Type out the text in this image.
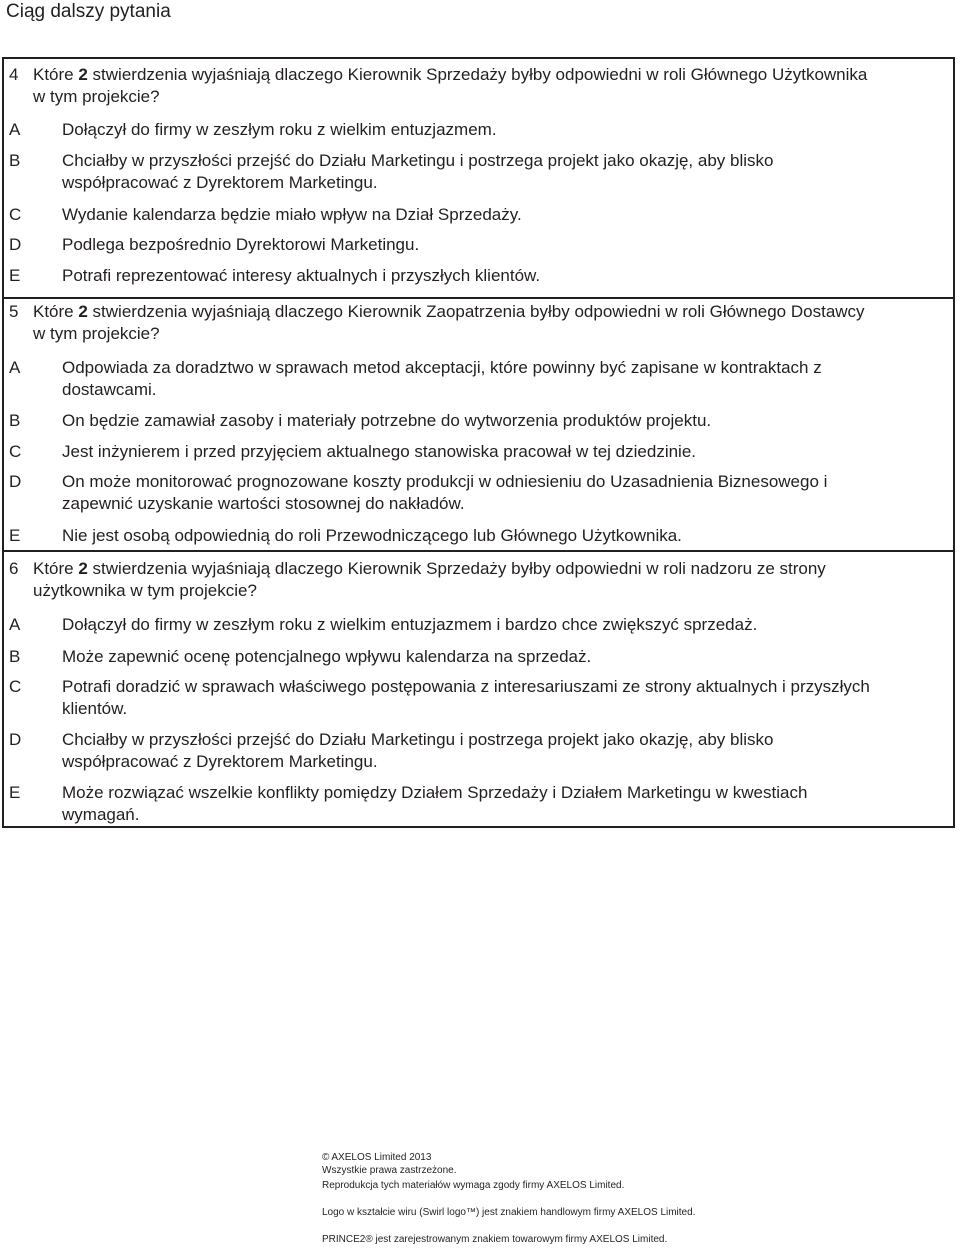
Ciąg dalszy pytania
4 Które 2 stwierdzenia wyjaśniają dlaczego Kierownik Sprzedaży byłby odpowiedni w roli Głównego Użytkownika
w tym projekcie?
A Dołączył do firmy w zeszłym roku z wielkim entuzjazmem.
B Chciałby w przyszłości przejść do Działu Marketingu i postrzega projekt jako okazję, aby blisko
współpracować z Dyrektorem Marketingu.
C Wydanie kalendarza będzie miało wpływ na Dział Sprzedaży.
D Podlega bezpośrednio Dyrektorowi Marketingu.
E Potrafi reprezentować interesy aktualnych i przyszłych klientów.
5 Które 2 stwierdzenia wyjaśniają dlaczego Kierownik Zaopatrzenia byłby odpowiedni w roli Głównego Dostawcy
w tym projekcie?
A Odpowiada za doradztwo w sprawach metod akceptacji, które powinny być zapisane w kontraktach z
dostawcami.
B On będzie zamawiał zasoby i materiały potrzebne do wytworzenia produktów projektu.
C Jest inżynierem i przed przyjęciem aktualnego stanowiska pracował w tej dziedzinie.
D On może monitorować prognozowane koszty produkcji w odniesieniu do Uzasadnienia Biznesowego i
zapewnić uzyskanie wartości stosownej do nakładów.
E Nie jest osobą odpowiednią do roli Przewodniczącego lub Głównego Użytkownika.
6 Które 2 stwierdzenia wyjaśniają dlaczego Kierownik Sprzedaży byłby odpowiedni w roli nadzoru ze strony
użytkownika w tym projekcie?
A Dołączył do firmy w zeszłym roku z wielkim entuzjazmem i bardzo chce zwiększyć sprzedaż.
B Może zapewnić ocenę potencjalnego wpływu kalendarza na sprzedaż.
C Potrafi doradzić w sprawach właściwego postępowania z interesariuszami ze strony aktualnych i przyszłych
klientów.
D Chciałby w przyszłości przejść do Działu Marketingu i postrzega projekt jako okazję, aby blisko
współpracować z Dyrektorem Marketingu.
E Może rozwiązać wszelkie konflikty pomiędzy Działem Sprzedaży i Działem Marketingu w kwestiach
wymagań.
© AXELOS Limited 2013
Wszystkie prawa zastrzeżone.
Reprodukcja tych materiałów wymaga zgody firmy AXELOS Limited.
Logo w kształcie wiru (Swirl logo™) jest znakiem handlowym firmy AXELOS Limited.
PRINCE2® jest zarejestrowanym znakiem towarowym firmy AXELOS Limited.
